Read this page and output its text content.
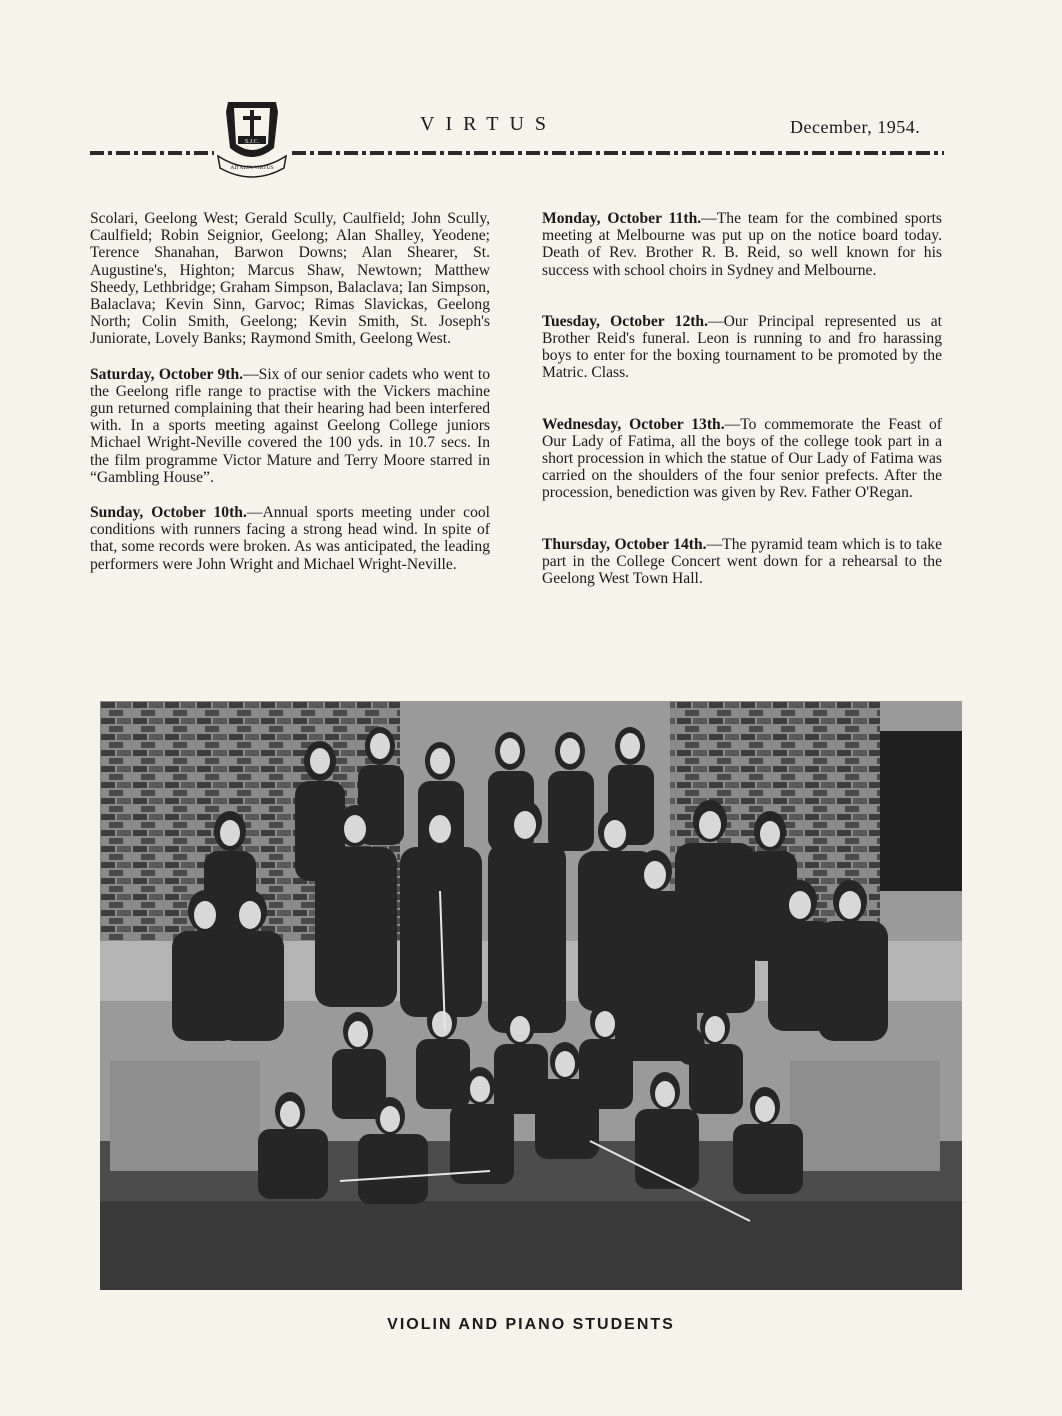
S.J.C.
AD ALTA VIRTUS
VIRTUS	December, 1954.

Scolari, Geelong West; Gerald Scully, Caulfield; John Scully, Caulfield; Robin Seignior, Geelong; Alan Shalley, Yeodene; Terence Shanahan, Barwon Downs; Alan Shearer, St. Augustine's, Highton; Marcus Shaw, Newtown; Matthew Sheedy, Lethbridge; Graham Simpson, Balaclava; Ian Simpson, Balaclava; Kevin Sinn, Garvoc; Rimas Slavickas, Geelong North; Colin Smith, Geelong; Kevin Smith, St. Joseph's Juniorate, Lovely Banks; Raymond Smith, Geelong West.

Saturday, October 9th.—Six of our senior cadets who went to the Geelong rifle range to practise with the Vickers machine gun returned complaining that their hearing had been interfered with. In a sports meeting against Geelong College juniors Michael Wright-Neville covered the 100 yds. in 10.7 secs. In the film programme Victor Mature and Terry Moore starred in “Gambling House”.

Sunday, October 10th.—Annual sports meeting under cool conditions with runners facing a strong head wind. In spite of that, some records were broken. As was anticipated, the leading performers were John Wright and Michael Wright-Neville.

Monday, October 11th.—The team for the combined sports meeting at Melbourne was put up on the notice board today. Death of Rev. Brother R. B. Reid, so well known for his success with school choirs in Sydney and Melbourne.

Tuesday, October 12th.—Our Principal represented us at Brother Reid's funeral. Leon is running to and fro harassing boys to enter for the boxing tournament to be promoted by the Matric. Class.

Wednesday, October 13th.—To commemorate the Feast of Our Lady of Fatima, all the boys of the college took part in a short procession in which the statue of Our Lady of Fatima was carried on the shoulders of the four senior prefects. After the procession, benediction was given by Rev. Father O'Regan.

Thursday, October 14th.—The pyramid team which is to take part in the College Concert went down for a rehearsal to the Geelong West Town Hall.

VIOLIN AND PIANO STUDENTS
